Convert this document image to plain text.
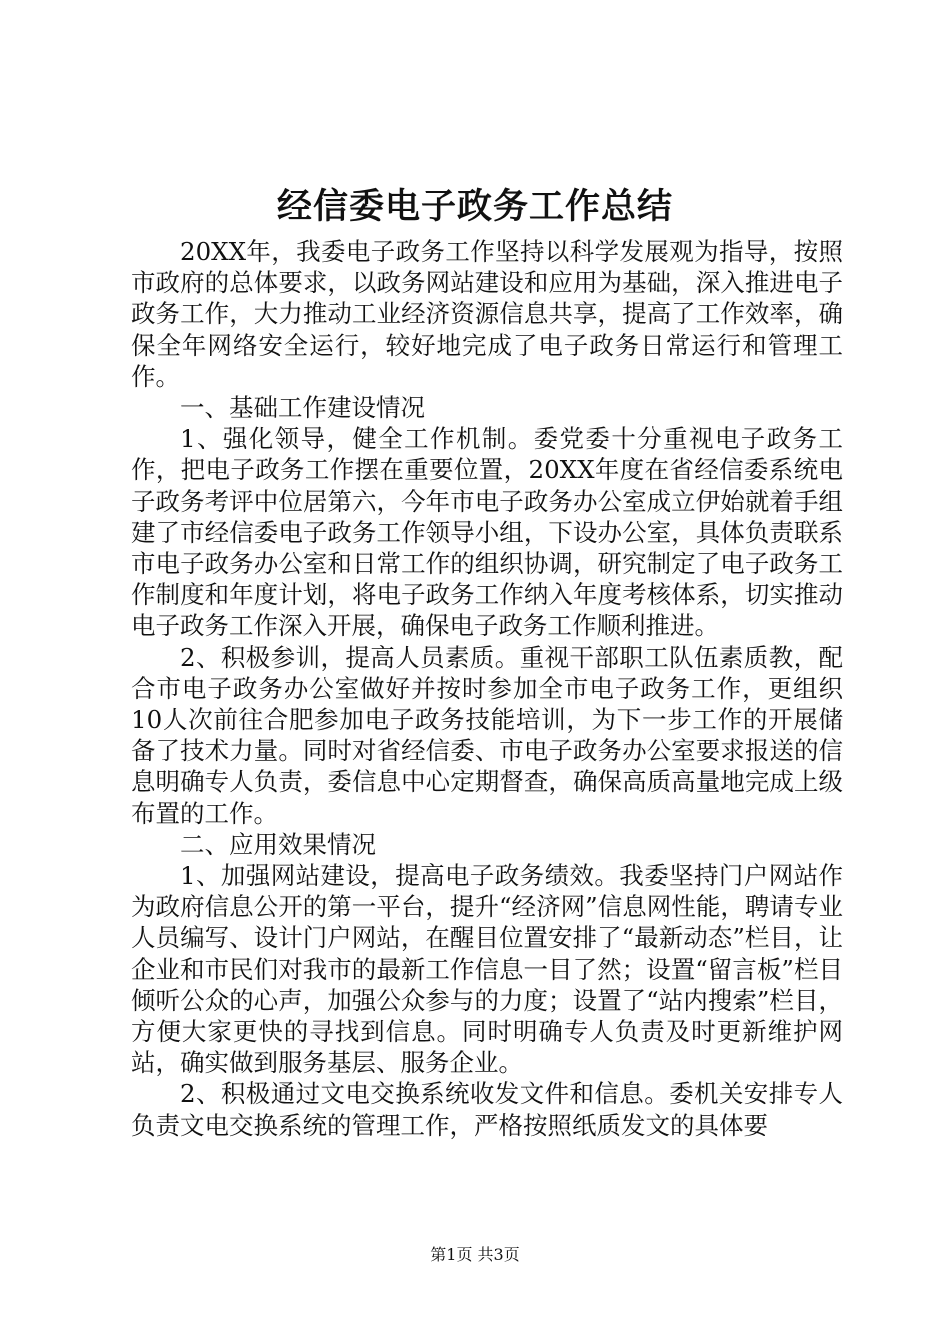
经信委电子政务工作总结

20XX年，我委电子政务工作坚持以科学发展观为指导，按照市政府的总体要求，以政务网站建设和应用为基础，深入推进电子政务工作，大力推动工业经济资源信息共享，提高了工作效率，确保全年网络安全运行，较好地完成了电子政务日常运行和管理工作。

一、基础工作建设情况

1、强化领导，健全工作机制。委党委十分重视电子政务工作，把电子政务工作摆在重要位置，20XX年度在省经信委系统电子政务考评中位居第六，今年市电子政务办公室成立伊始就着手组建了市经信委电子政务工作领导小组，下设办公室，具体负责联系市电子政务办公室和日常工作的组织协调，研究制定了电子政务工作制度和年度计划，将电子政务工作纳入年度考核体系，切实推动电子政务工作深入开展，确保电子政务工作顺利推进。

2、积极参训，提高人员素质。重视干部职工队伍素质教，配合市电子政务办公室做好并按时参加全市电子政务工作，更组织10人次前往合肥参加电子政务技能培训，为下一步工作的开展储备了技术力量。同时对省经信委、市电子政务办公室要求报送的信息明确专人负责，委信息中心定期督查，确保高质高量地完成上级布置的工作。

二、应用效果情况

1、加强网站建设，提高电子政务绩效。我委坚持门户网站作为政府信息公开的第一平台，提升“经济网”信息网性能，聘请专业人员编写、设计门户网站，在醒目位置安排了“最新动态”栏目，让企业和市民们对我市的最新工作信息一目了然；设置“留言板”栏目倾听公众的心声，加强公众参与的力度；设置了“站内搜索”栏目，方便大家更快的寻找到信息。同时明确专人负责及时更新维护网站，确实做到服务基层、服务企业。

2、积极通过文电交换系统收发文件和信息。委机关安排专人负责文电交换系统的管理工作，严格按照纸质发文的具体要

第1页 共3页
